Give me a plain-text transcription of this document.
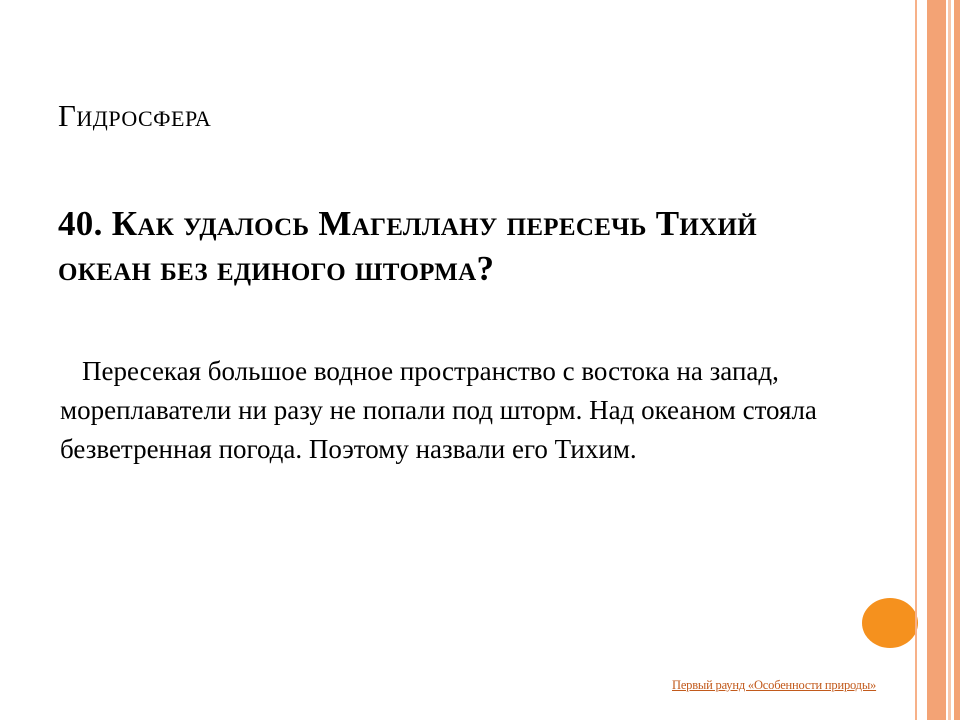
Гидросфера
40. Как удалось Магеллану пересечь Тихий океан без единого шторма?
Пересекая большое водное пространство с востока на запад, мореплаватели ни разу не попали под шторм. Над океаном стояла безветренная погода. Поэтому назвали его Тихим.
Первый раунд «Особенности природы»
